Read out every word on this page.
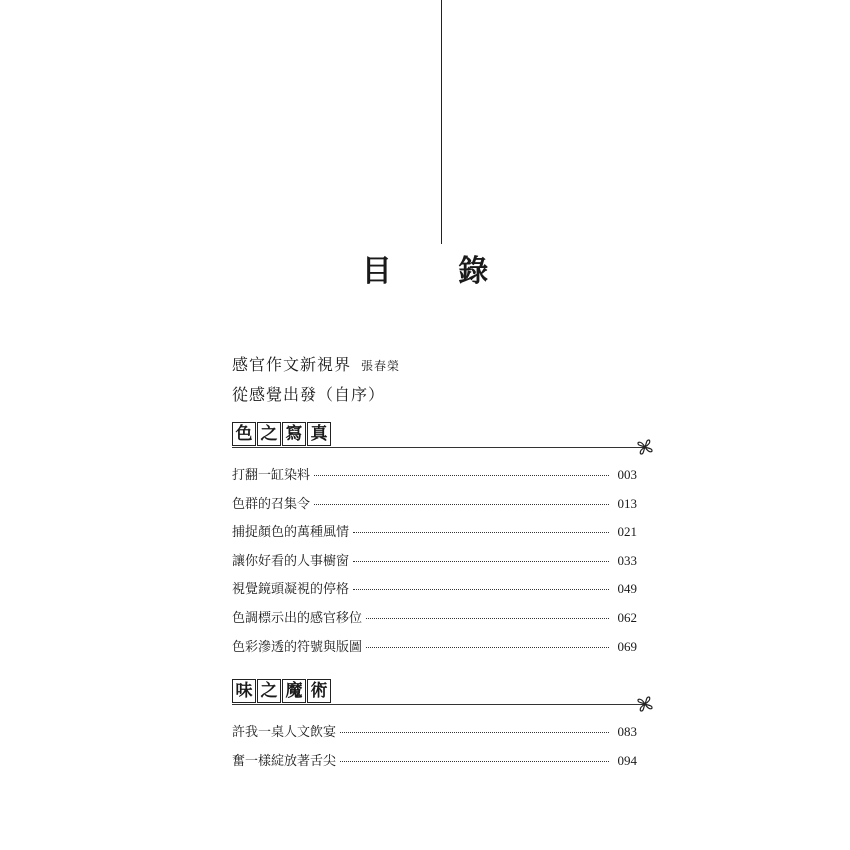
目 錄
感官作文新視界 張春榮
從感覺出發（自序）
色 之 寫 真
打翻一缸染料	003
色群的召集令	013
捕捉顏色的萬種風情	021
讓你好看的人事櫥窗	033
視覺鏡頭凝視的停格	049
色調標示出的感官移位	062
色彩滲透的符號與版圖	069
味 之 魔 術
許我一桌人文飲宴	083
奮一樣綻放著舌尖	094
